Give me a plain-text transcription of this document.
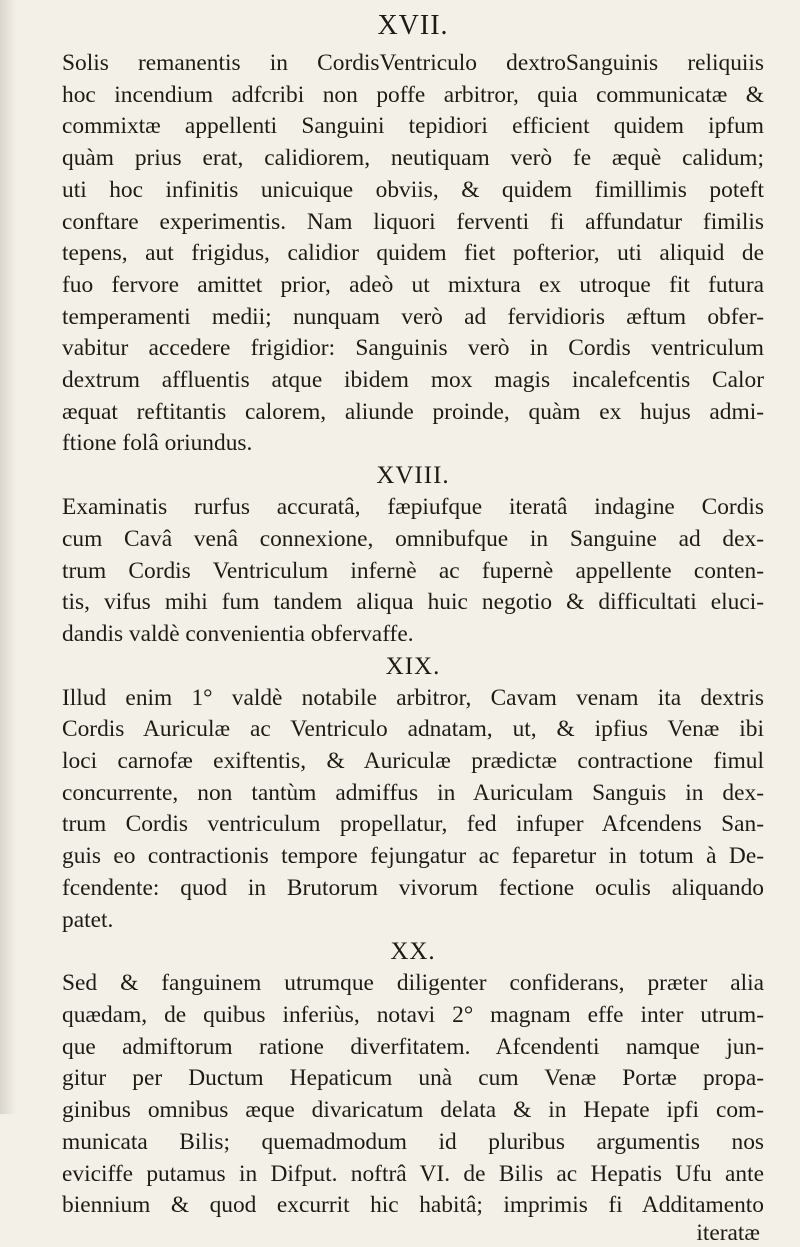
XVII.

Solis remanentis in CordisVentriculo dextroSanguinis reliquiis
hoc incendium adfcribi non poffe arbitror, quia communicatæ &
commixtæ appellenti Sanguini tepidiori efficient quidem ipfum
quàm prius erat, calidiorem, neutiquam verò fe æquè calidum;
uti hoc infinitis unicuique obviis, & quidem fimillimis poteft
conftare experimentis. Nam liquori ferventi fi affundatur fimilis
tepens, aut frigidus, calidior quidem fiet pofterior, uti aliquid de
fuo fervore amittet prior, adeò ut mixtura ex utroque fit futura
temperamenti medii; nunquam verò ad fervidioris æftum obfer-
vabitur accedere frigidior: Sanguinis verò in Cordis ventriculum
dextrum affluentis atque ibidem mox magis incalefcentis Calor
æquat reftitantis calorem, aliunde proinde, quàm ex hujus admi-
ftione folâ oriundus.

XVIII.

Examinatis rurfus accuratâ, fæpiufque iteratâ indagine Cordis
cum Cavâ venâ connexione, omnibufque in Sanguine ad dex-
trum Cordis Ventriculum infernè ac fupernè appellente conten-
tis, vifus mihi fum tandem aliqua huic negotio & difficultati eluci-
dandis valdè convenientia obfervaffe.

XIX.

Illud enim 1° valdè notabile arbitror, Cavam venam ita dextris
Cordis Auriculæ ac Ventriculo adnatam, ut, & ipfius Venæ ibi
loci carnofæ exiftentis, & Auriculæ prædictæ contractione fimul
concurrente, non tantùm admiffus in Auriculam Sanguis in dex-
trum Cordis ventriculum propellatur, fed infuper Afcendens San-
guis eo contractionis tempore fejungatur ac feparetur in totum à De-
fcendente: quod in Brutorum vivorum fectione oculis aliquando
patet.

XX.

Sed & fanguinem utrumque diligenter confiderans, præter alia
quædam, de quibus inferiùs, notavi 2° magnam effe inter utrum-
que admiftorum ratione diverfitatem. Afcendenti namque jun-
gitur per Ductum Hepaticum unà cum Venæ Portæ propa-
ginibus omnibus æque divaricatum delata & in Hepate ipfi com-
municata Bilis; quemadmodum id pluribus argumentis nos
eviciffe putamus in Difput. noftrâ VI. de Bilis ac Hepatis Ufu ante
biennium & quod excurrit hic habitâ; imprimis fi Additamento

iteratæ
